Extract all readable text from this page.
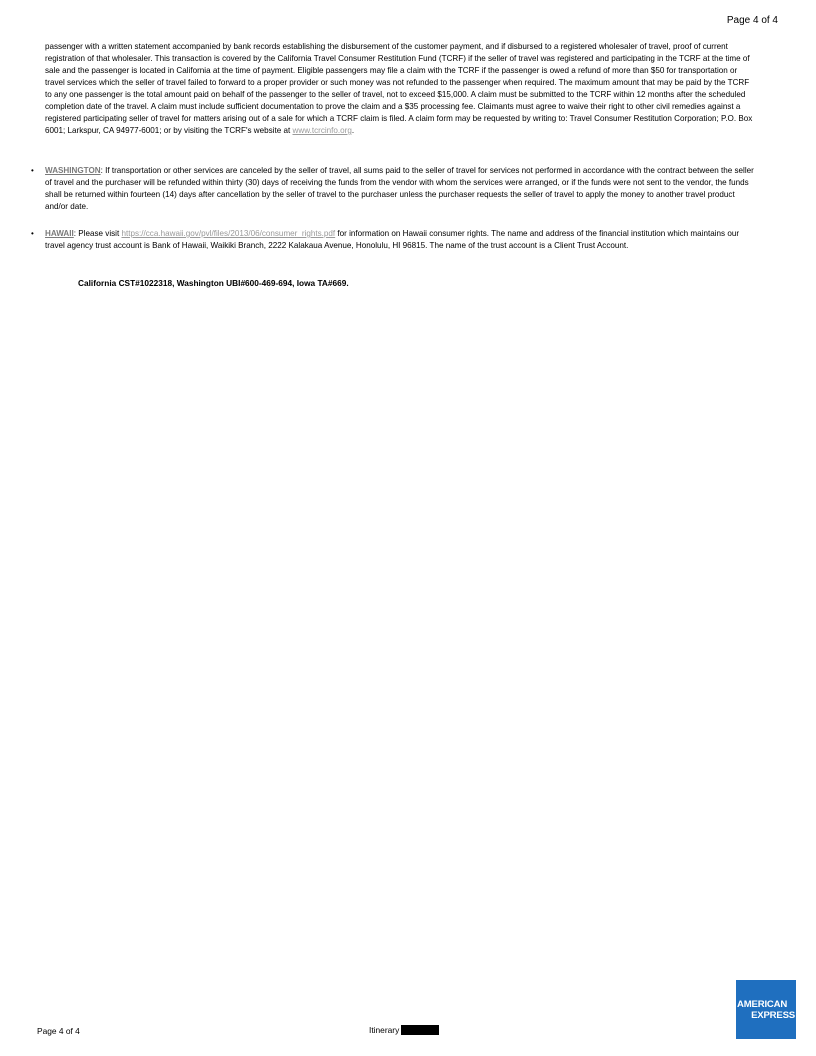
Page 4 of 4

passenger with a written statement accompanied by bank records establishing the disbursement of the customer payment, and if disbursed to a registered wholesaler of travel, proof of current registration of that wholesaler. This transaction is covered by the California Travel Consumer Restitution Fund (TCRF) if the seller of travel was registered and participating in the TCRF at the time of sale and the passenger is located in California at the time of payment. Eligible passengers may file a claim with the TCRF if the passenger is owed a refund of more than $50 for transportation or travel services which the seller of travel failed to forward to a proper provider or such money was not refunded to the passenger when required. The maximum amount that may be paid by the TCRF to any one passenger is the total amount paid on behalf of the passenger to the seller of travel, not to exceed $15,000. A claim must be submitted to the TCRF within 12 months after the scheduled completion date of the travel. A claim must include sufficient documentation to prove the claim and a $35 processing fee. Claimants must agree to waive their right to other civil remedies against a registered participating seller of travel for matters arising out of a sale for which a TCRF claim is filed. A claim form may be requested by writing to: Travel Consumer Restitution Corporation; P.O. Box 6001; Larkspur, CA 94977-6001; or by visiting the TCRF's website at www.tcrcinfo.org.

• WASHINGTON: If transportation or other services are canceled by the seller of travel, all sums paid to the seller of travel for services not performed in accordance with the contract between the seller of travel and the purchaser will be refunded within thirty (30) days of receiving the funds from the vendor with whom the services were arranged, or if the funds were not sent to the vendor, the funds shall be returned within fourteen (14) days after cancellation by the seller of travel to the purchaser unless the purchaser requests the seller of travel to apply the money to another travel product and/or date.

• HAWAII: Please visit https://cca.hawaii.gov/pvl/files/2013/06/consumer_rights.pdf for information on Hawaii consumer rights. The name and address of the financial institution which maintains our travel agency trust account is Bank of Hawaii, Waikiki Branch, 2222 Kalakaua Avenue, Honolulu, HI 96815. The name of the trust account is a Client Trust Account.

California CST#1022318, Washington UBI#600-469-694, Iowa TA#669.
Page 4 of 4	Itinerary
AMERICAN
EXPRESS
